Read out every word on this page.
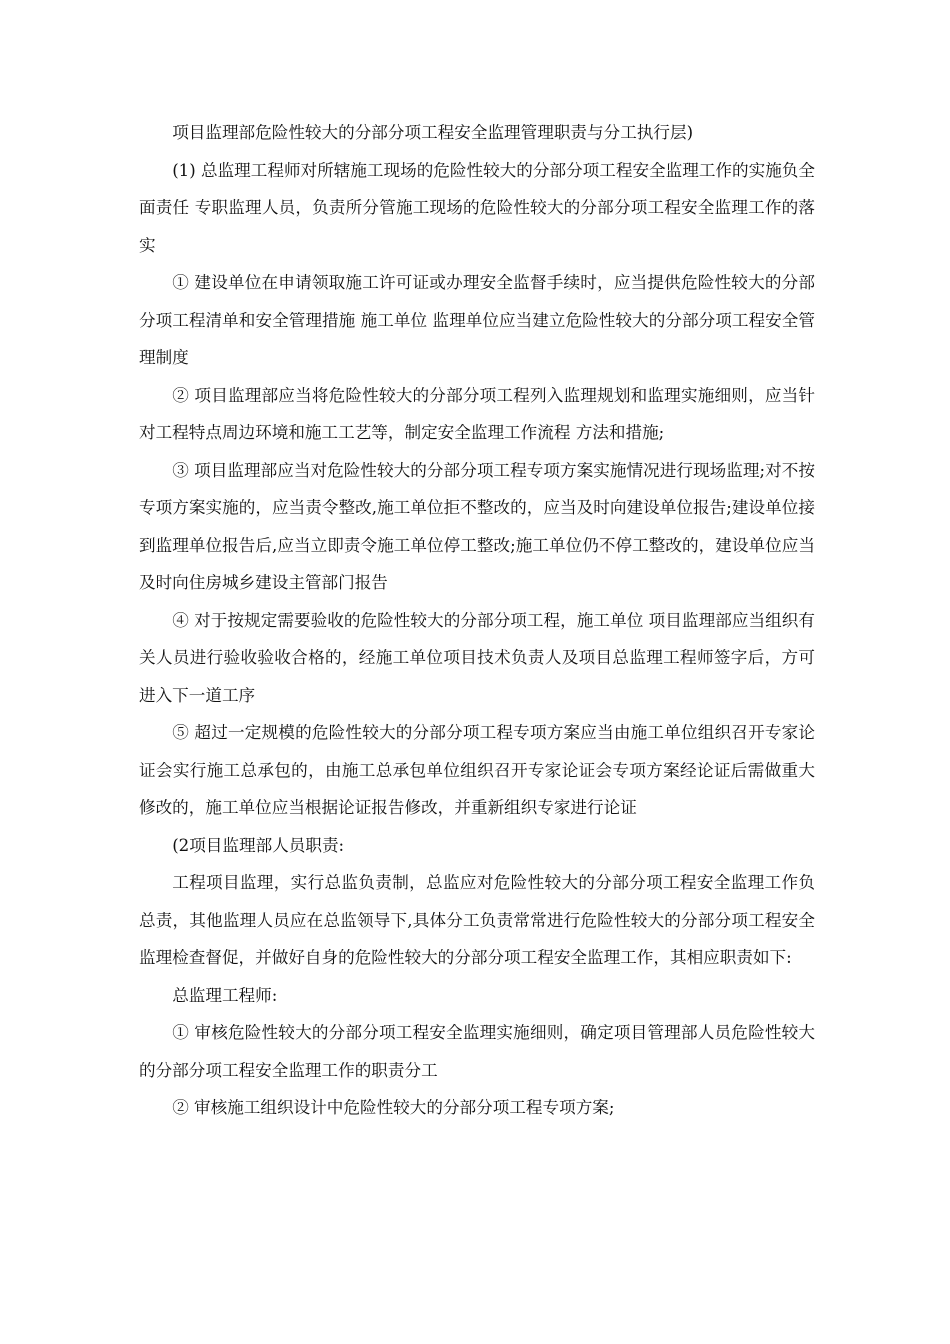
项目监理部危险性较大的分部分项工程安全监理管理职责与分工执行层)

(1) 总监理工程师对所辖施工现场的危险性较大的分部分项工程安全监理工作的实施负全面责任 专职监理人员，负责所分管施工现场的危险性较大的分部分项工程安全监理工作的落实

① 建设单位在申请领取施工许可证或办理安全监督手续时，应当提供危险性较大的分部分项工程清单和安全管理措施 施工单位 监理单位应当建立危险性较大的分部分项工程安全管理制度

② 项目监理部应当将危险性较大的分部分项工程列入监理规划和监理实施细则，应当针对工程特点周边环境和施工工艺等，制定安全监理工作流程 方法和措施;

③ 项目监理部应当对危险性较大的分部分项工程专项方案实施情况进行现场监理;对不按专项方案实施的，应当责令整改,施工单位拒不整改的，应当及时向建设单位报告;建设单位接到监理单位报告后,应当立即责令施工单位停工整改;施工单位仍不停工整改的，建设单位应当及时向住房城乡建设主管部门报告

④ 对于按规定需要验收的危险性较大的分部分项工程，施工单位 项目监理部应当组织有关人员进行验收验收合格的，经施工单位项目技术负责人及项目总监理工程师签字后，方可进入下一道工序

⑤ 超过一定规模的危险性较大的分部分项工程专项方案应当由施工单位组织召开专家论证会实行施工总承包的，由施工总承包单位组织召开专家论证会专项方案经论证后需做重大修改的，施工单位应当根据论证报告修改，并重新组织专家进行论证

(2项目监理部人员职责:

工程项目监理，实行总监负责制，总监应对危险性较大的分部分项工程安全监理工作负总责，其他监理人员应在总监领导下,具体分工负责常常进行危险性较大的分部分项工程安全监理检查督促，并做好自身的危险性较大的分部分项工程安全监理工作，其相应职责如下:

总监理工程师:

① 审核危险性较大的分部分项工程安全监理实施细则，确定项目管理部人员危险性较大的分部分项工程安全监理工作的职责分工

② 审核施工组织设计中危险性较大的分部分项工程专项方案;
